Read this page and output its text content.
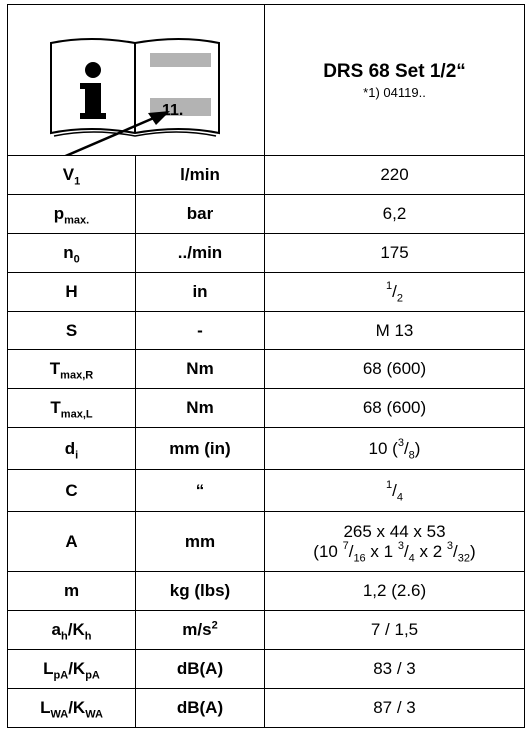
11.		DRS 68 Set 1/2“
*1) 04119..

$V_1$	l/min	220

$p_{max.}$	bar	6,2

$n_0$	../min	175

H	in	$^1/_2$

S	-	M 13

$T_{max,R}$	Nm	68 (600)

$T_{max,L}$	Nm	68 (600)

$d_i$	mm (in)	10 $(^3/_8)$

C	“	$^1/_4$

A	mm	265 x 44 x 53
(10 $^7/_{16}$ x 1 $^3/_4$ x 2 $^3/_{32}$)

m	kg (lbs)	1,2 (2.6)

$a_h/K_h$	$m/s^2$	7 / 1,5

$L_{pA}/K_{pA}$	dB(A)	83 / 3

$L_{WA}/K_{WA}$	dB(A)	87 / 3
